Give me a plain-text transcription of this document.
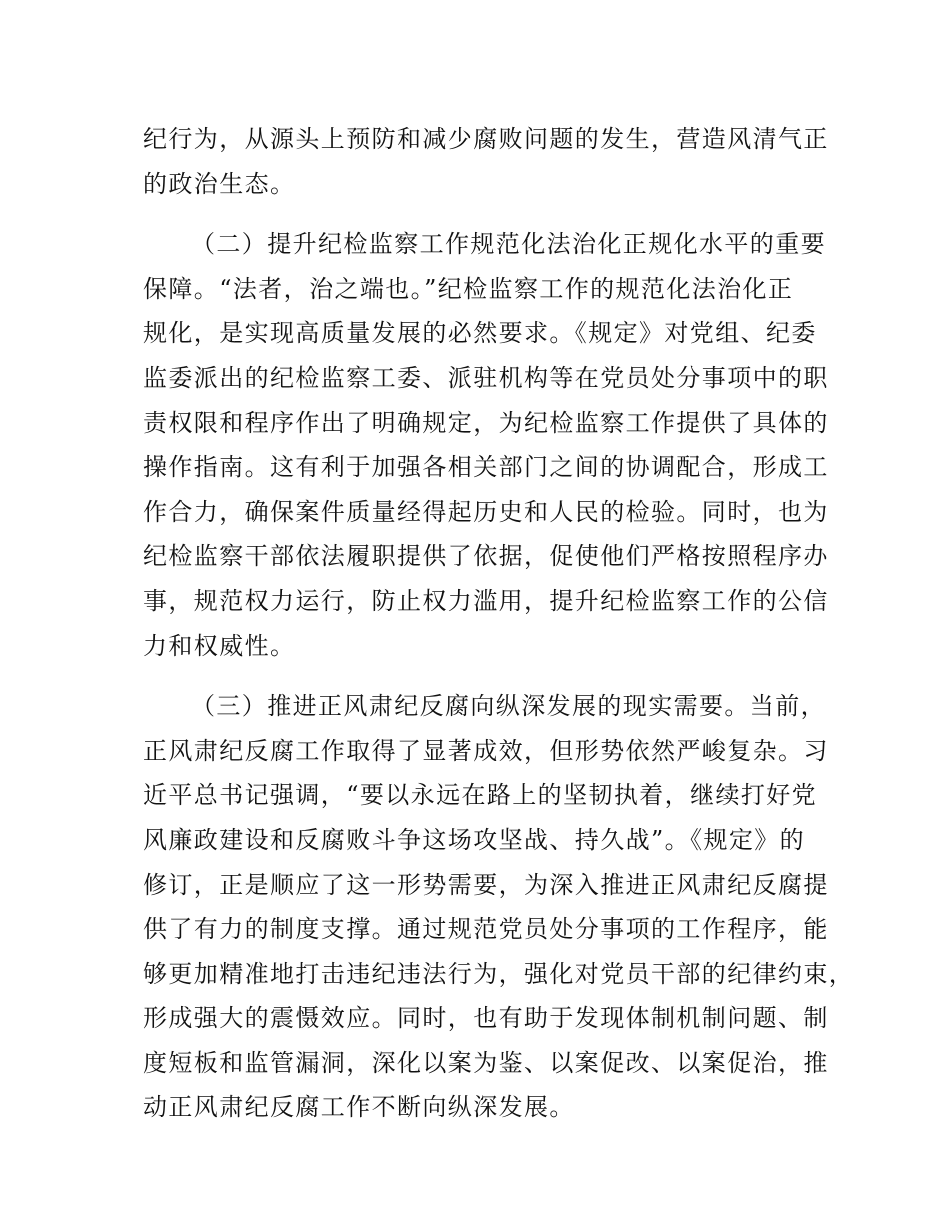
纪行为，从源头上预防和减少腐败问题的发生，营造风清气正
的政治生态。
（二）提升纪检监察工作规范化法治化正规化水平的重要
保障。“法者，治之端也。”纪检监察工作的规范化法治化正
规化，是实现高质量发展的必然要求。《规定》对党组、纪委
监委派出的纪检监察工委、派驻机构等在党员处分事项中的职
责权限和程序作出了明确规定，为纪检监察工作提供了具体的
操作指南。这有利于加强各相关部门之间的协调配合，形成工
作合力，确保案件质量经得起历史和人民的检验。同时，也为
纪检监察干部依法履职提供了依据，促使他们严格按照程序办
事，规范权力运行，防止权力滥用，提升纪检监察工作的公信
力和权威性。
（三）推进正风肃纪反腐向纵深发展的现实需要。当前，
正风肃纪反腐工作取得了显著成效，但形势依然严峻复杂。习
近平总书记强调，“要以永远在路上的坚韧执着，继续打好党
风廉政建设和反腐败斗争这场攻坚战、持久战”。《规定》的
修订，正是顺应了这一形势需要，为深入推进正风肃纪反腐提
供了有力的制度支撑。通过规范党员处分事项的工作程序，能
够更加精准地打击违纪违法行为，强化对党员干部的纪律约束，
形成强大的震慑效应。同时，也有助于发现体制机制问题、制
度短板和监管漏洞，深化以案为鉴、以案促改、以案促治，推
动正风肃纪反腐工作不断向纵深发展。
